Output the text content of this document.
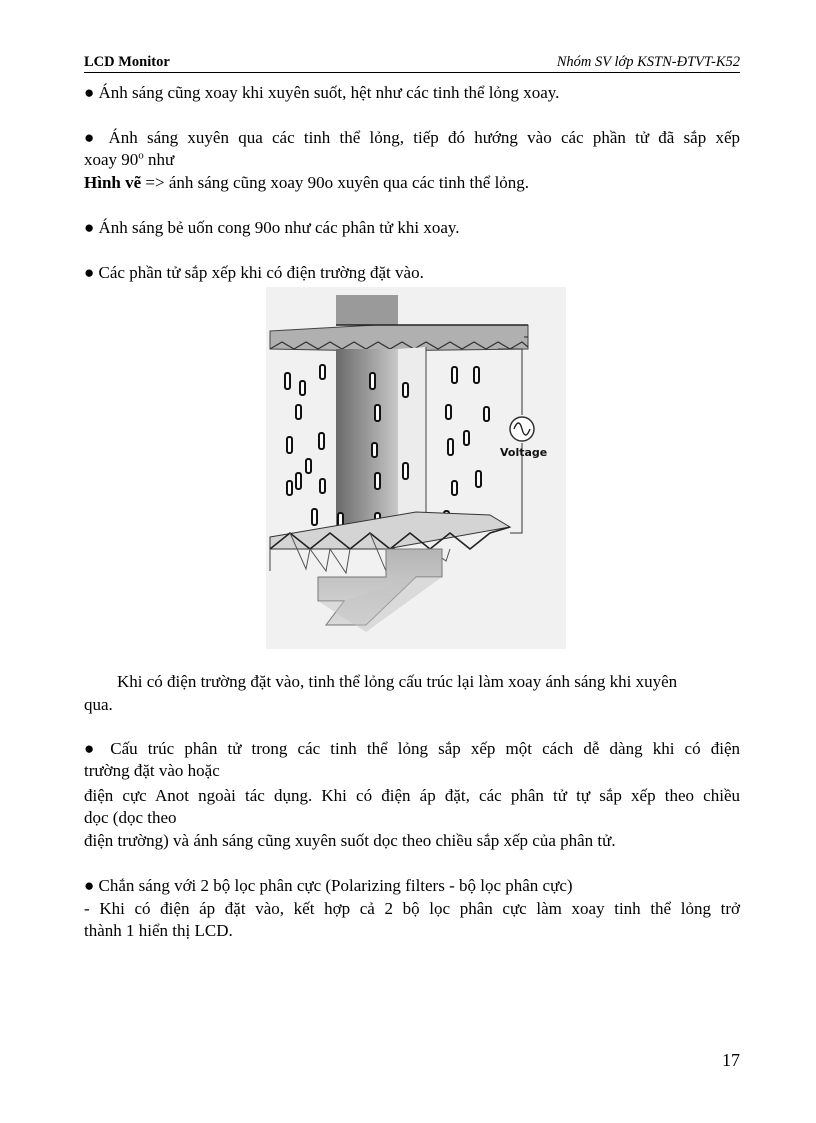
LCD Monitor	Nhóm SV lớp KSTN-ĐTVT-K52

● Ánh sáng cũng xoay khi xuyên suốt, hệt như các tinh thể lỏng xoay.

● Ánh sáng xuyên qua các tinh thể lỏng, tiếp đó hướng vào các phần tử đã sắp xếp

xoay 90$^o$ như

Hình vẽ => ánh sáng cũng xoay 90o xuyên qua các tinh thể lỏng.

● Ánh sáng bẻ uốn cong 90o như các phân tử khi xoay.

● Các phần tử sắp xếp khi có điện trường đặt vào.

Voltage

Khi có điện trường đặt vào, tinh thể lỏng cấu trúc lại làm xoay ánh sáng khi xuyên

qua.

● Cấu trúc phân tử trong các tinh thể lỏng sắp xếp một cách dễ dàng khi có điện

trường đặt vào hoặc

điện cực Anot ngoài tác dụng. Khi có điện áp đặt, các phân tử tự sắp xếp theo chiều

dọc (dọc theo

điện trường) và ánh sáng cũng xuyên suốt dọc theo chiều sắp xếp của phân tử.

● Chắn sáng với 2 bộ lọc phân cực (Polarizing filters - bộ lọc phân cực)

- Khi có điện áp đặt vào, kết hợp cả 2 bộ lọc phân cực làm xoay tinh thể lỏng trở

thành 1 hiển thị LCD.

17
